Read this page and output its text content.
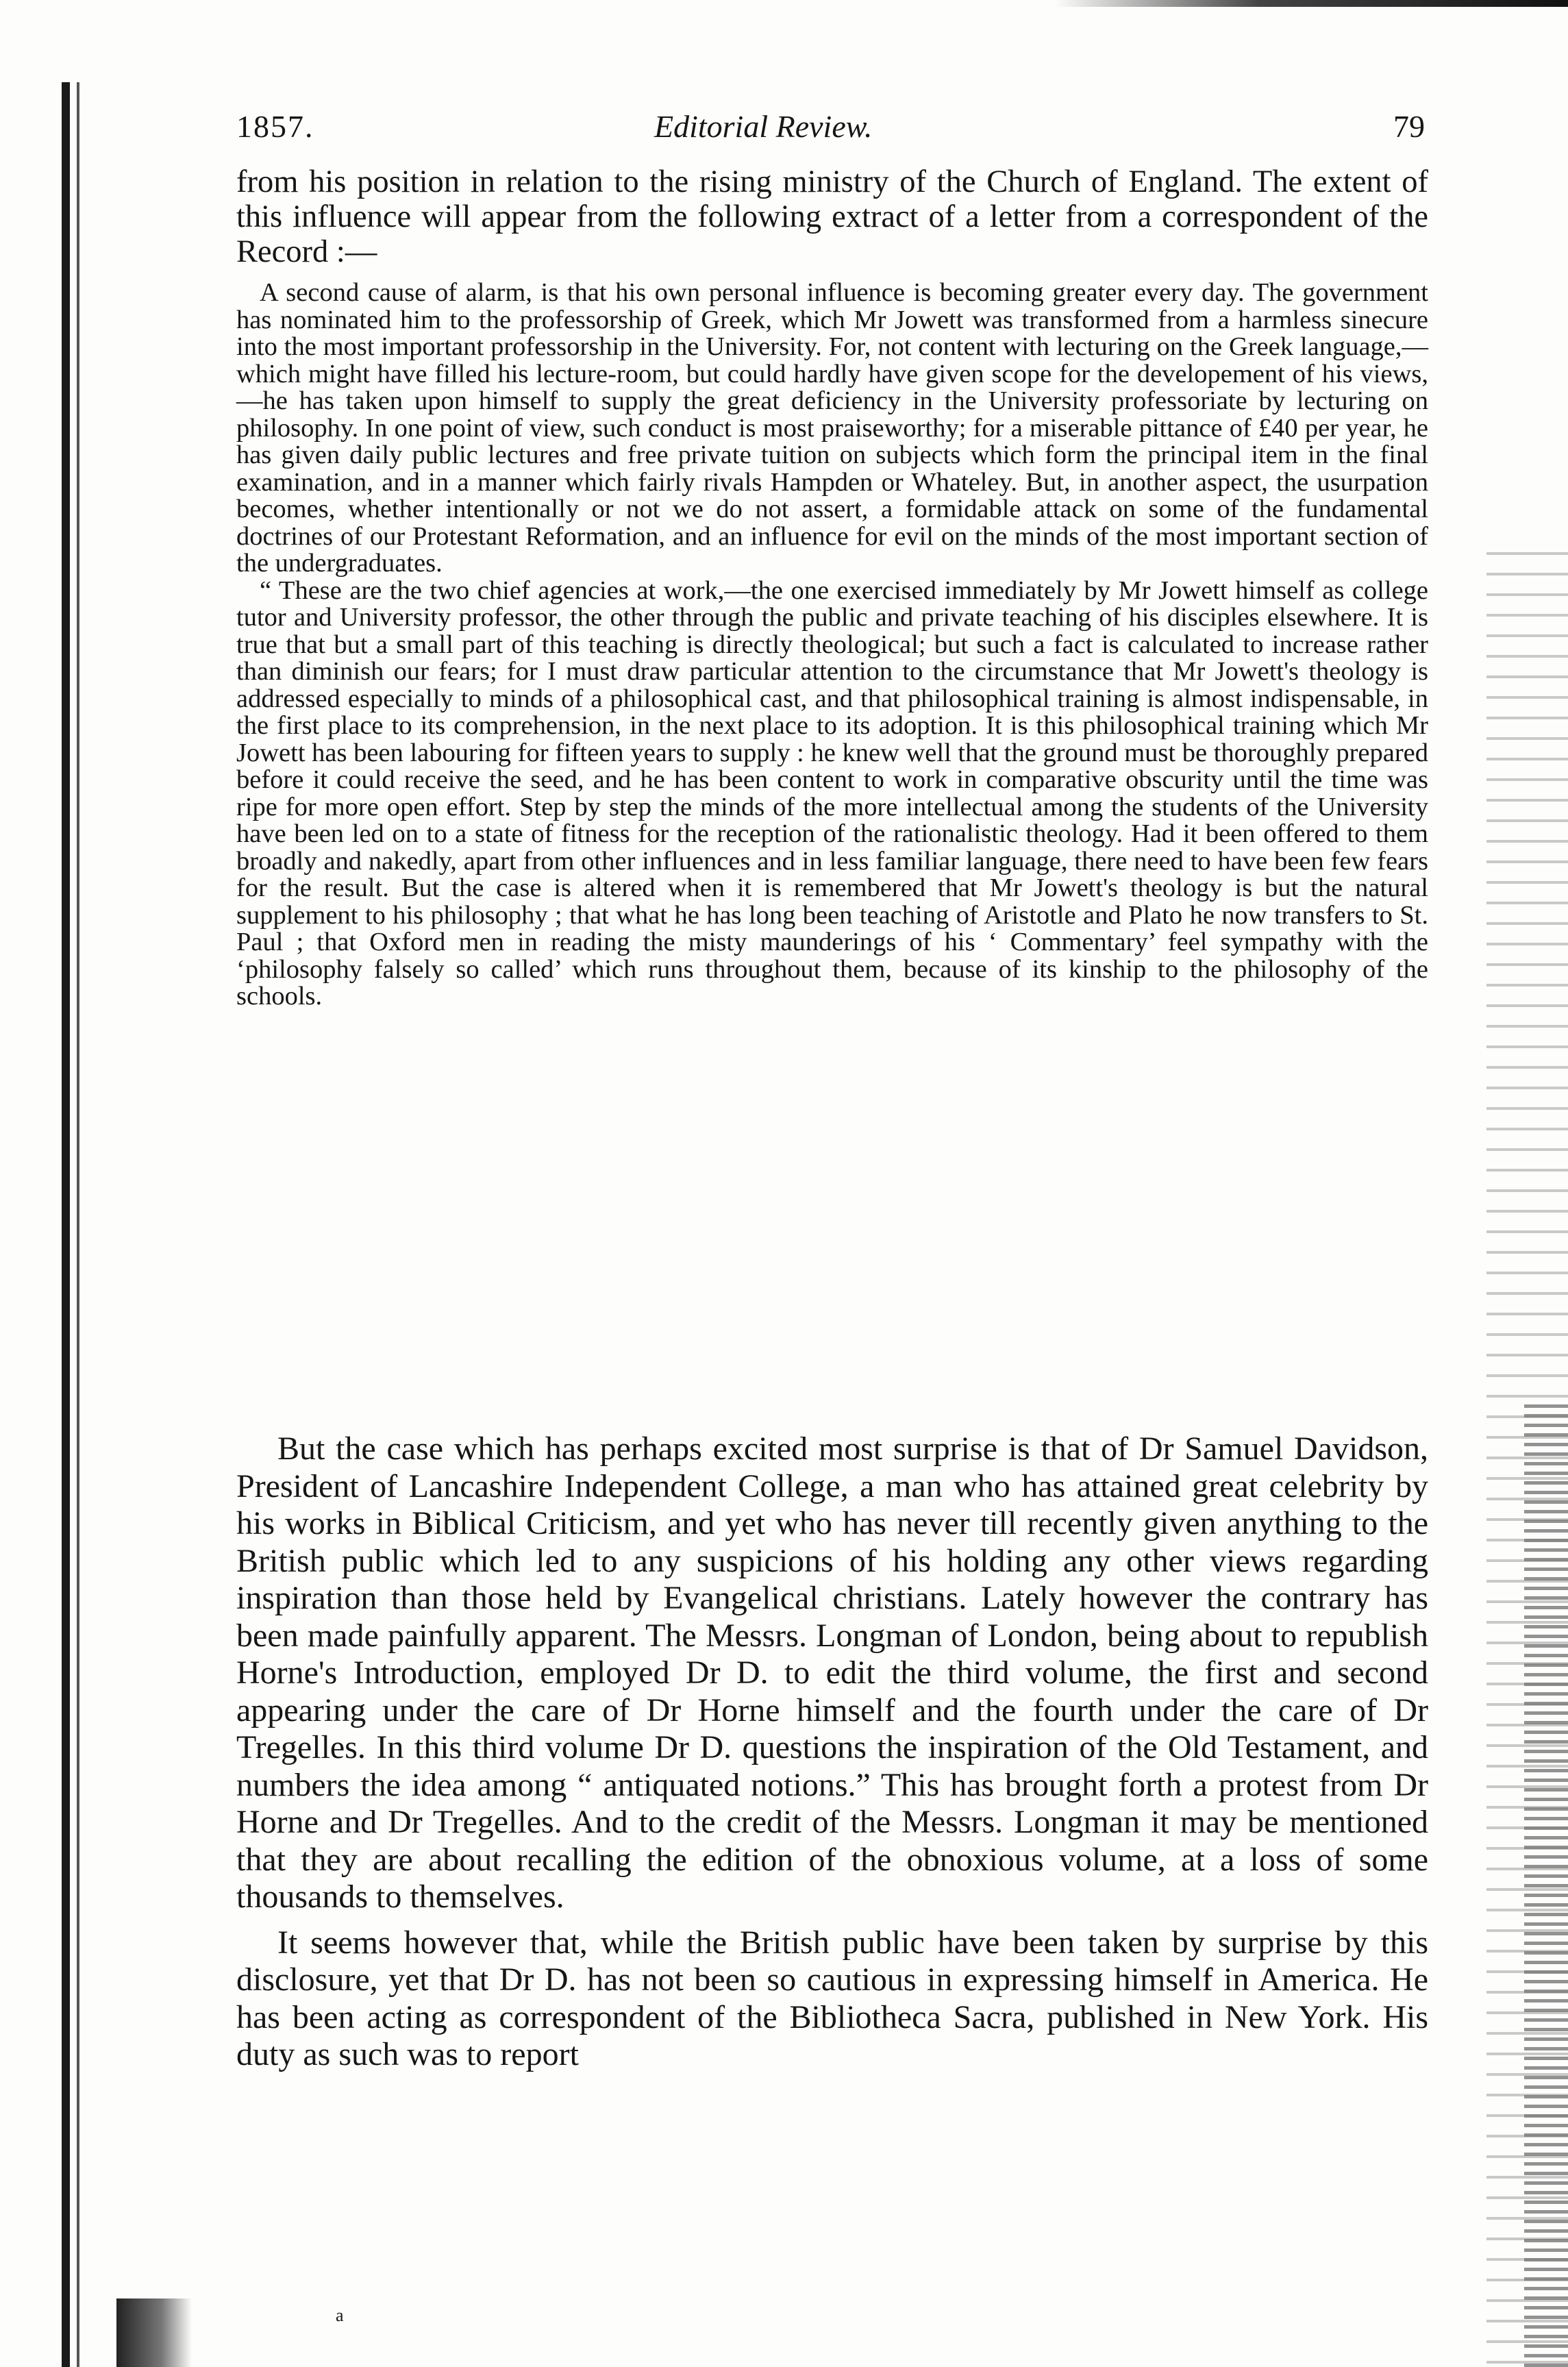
1857.	Editorial Review.	79

from his position in relation to the rising ministry of the Church of England. The extent of this influence will appear from the following extract of a letter from a correspondent of the Record :—

A second cause of alarm, is that his own personal influence is becoming greater every day. The government has nominated him to the professorship of Greek, which Mr Jowett was transformed from a harmless sinecure into the most important professorship in the University. For, not content with lecturing on the Greek language,—which might have filled his lecture-room, but could hardly have given scope for the developement of his views,—he has taken upon himself to supply the great deficiency in the University professoriate by lecturing on philosophy. In one point of view, such conduct is most praiseworthy; for a miserable pittance of £40 per year, he has given daily public lectures and free private tuition on subjects which form the principal item in the final examination, and in a manner which fairly rivals Hampden or Whateley. But, in another aspect, the usurpation becomes, whether intentionally or not we do not assert, a formidable attack on some of the fundamental doctrines of our Protestant Reformation, and an influence for evil on the minds of the most important section of the undergraduates.

“ These are the two chief agencies at work,—the one exercised immediately by Mr Jowett himself as college tutor and University professor, the other through the public and private teaching of his disciples elsewhere. It is true that but a small part of this teaching is directly theological; but such a fact is calculated to increase rather than diminish our fears; for I must draw particular attention to the circumstance that Mr Jowett's theology is addressed especially to minds of a philosophical cast, and that philosophical training is almost indispensable, in the first place to its comprehension, in the next place to its adoption. It is this philosophical training which Mr Jowett has been labouring for fifteen years to supply : he knew well that the ground must be thoroughly prepared before it could receive the seed, and he has been content to work in comparative obscurity until the time was ripe for more open effort. Step by step the minds of the more intellectual among the students of the University have been led on to a state of fitness for the reception of the rationalistic theology. Had it been offered to them broadly and nakedly, apart from other influences and in less familiar language, there need to have been few fears for the result. But the case is altered when it is remembered that Mr Jowett's theology is but the natural supplement to his philosophy ; that what he has long been teaching of Aristotle and Plato he now transfers to St. Paul ; that Oxford men in reading the misty maunderings of his ‘ Commentary’ feel sympathy with the ‘philosophy falsely so called’ which runs throughout them, because of its kinship to the philosophy of the schools.

But the case which has perhaps excited most surprise is that of Dr Samuel Davidson, President of Lancashire Independent College, a man who has attained great celebrity by his works in Biblical Criticism, and yet who has never till recently given anything to the British public which led to any suspicions of his holding any other views regarding inspiration than those held by Evangelical christians. Lately however the contrary has been made painfully apparent. The Messrs. Longman of London, being about to republish Horne's Introduction, employed Dr D. to edit the third volume, the first and second appearing under the care of Dr Horne himself and the fourth under the care of Dr Tregelles. In this third volume Dr D. questions the inspiration of the Old Testament, and numbers the idea among “ antiquated notions.” This has brought forth a protest from Dr Horne and Dr Tregelles. And to the credit of the Messrs. Longman it may be mentioned that they are about recalling the edition of the obnoxious volume, at a loss of some thousands to themselves.

It seems however that, while the British public have been taken by surprise by this disclosure, yet that Dr D. has not been so cautious in expressing himself in America. He has been acting as correspondent of the Bibliotheca Sacra, published in New York. His duty as such was to report

a
